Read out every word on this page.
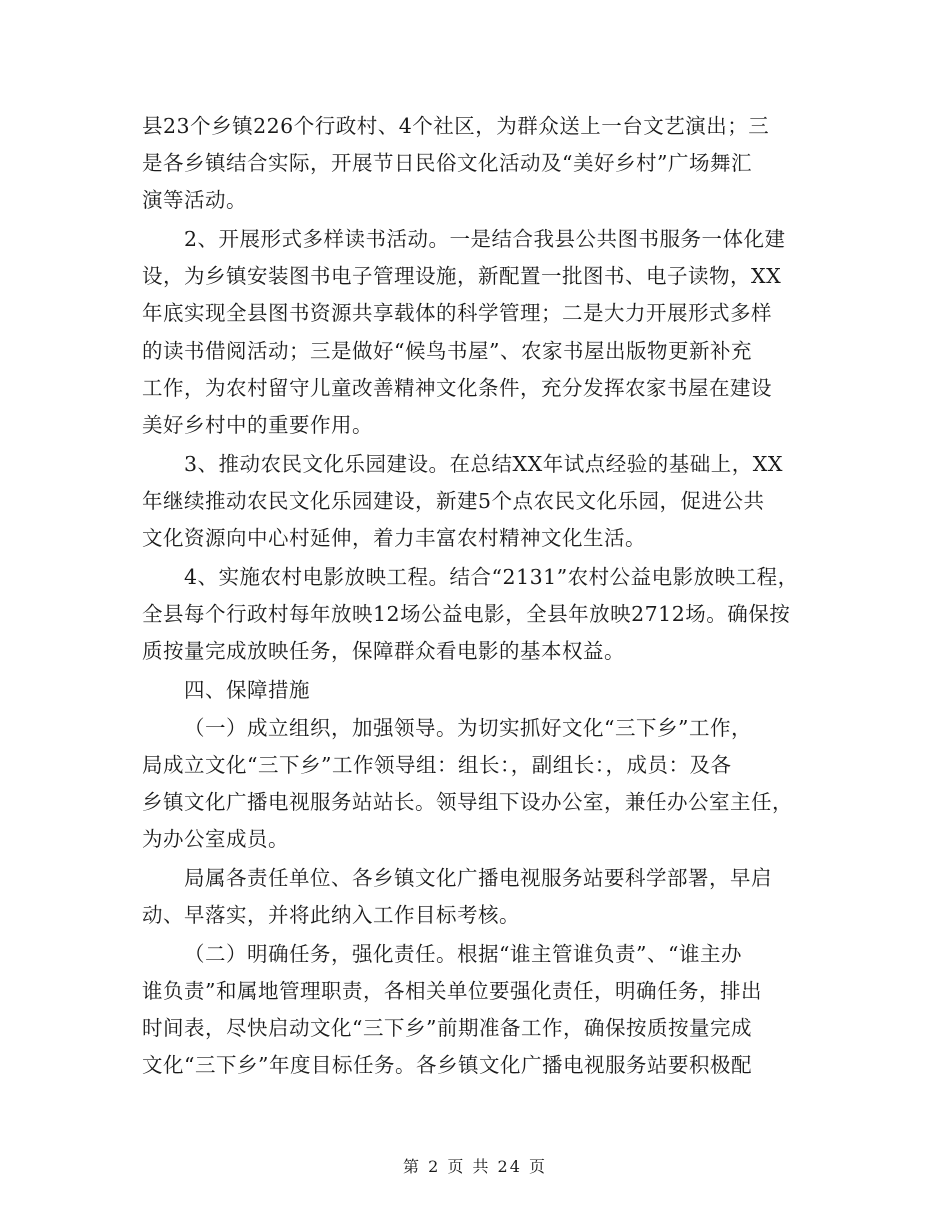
县23个乡镇226个行政村、4个社区，为群众送上一台文艺演出；三
是各乡镇结合实际，开展节日民俗文化活动及“美好乡村”广场舞汇
演等活动。
2、开展形式多样读书活动。一是结合我县公共图书服务一体化建
设，为乡镇安装图书电子管理设施，新配置一批图书、电子读物，XX
年底实现全县图书资源共享载体的科学管理；二是大力开展形式多样
的读书借阅活动；三是做好“候鸟书屋”、农家书屋出版物更新补充
工作，为农村留守儿童改善精神文化条件，充分发挥农家书屋在建设
美好乡村中的重要作用。
3、推动农民文化乐园建设。在总结XX年试点经验的基础上，XX
年继续推动农民文化乐园建设，新建5个点农民文化乐园，促进公共
文化资源向中心村延伸，着力丰富农村精神文化生活。
4、实施农村电影放映工程。结合“2131”农村公益电影放映工程，
全县每个行政村每年放映12场公益电影，全县年放映2712场。确保按
质按量完成放映任务，保障群众看电影的基本权益。
四、保障措施
（一）成立组织，加强领导。为切实抓好文化“三下乡”工作，
局成立文化“三下乡”工作领导组：组长：，副组长：，成员：及各
乡镇文化广播电视服务站站长。领导组下设办公室，兼任办公室主任，
为办公室成员。
局属各责任单位、各乡镇文化广播电视服务站要科学部署，早启
动、早落实，并将此纳入工作目标考核。
（二）明确任务，强化责任。根据“谁主管谁负责”、“谁主办
谁负责”和属地管理职责，各相关单位要强化责任，明确任务，排出
时间表，尽快启动文化“三下乡”前期准备工作，确保按质按量完成
文化“三下乡”年度目标任务。各乡镇文化广播电视服务站要积极配
第 2 页 共 24 页
